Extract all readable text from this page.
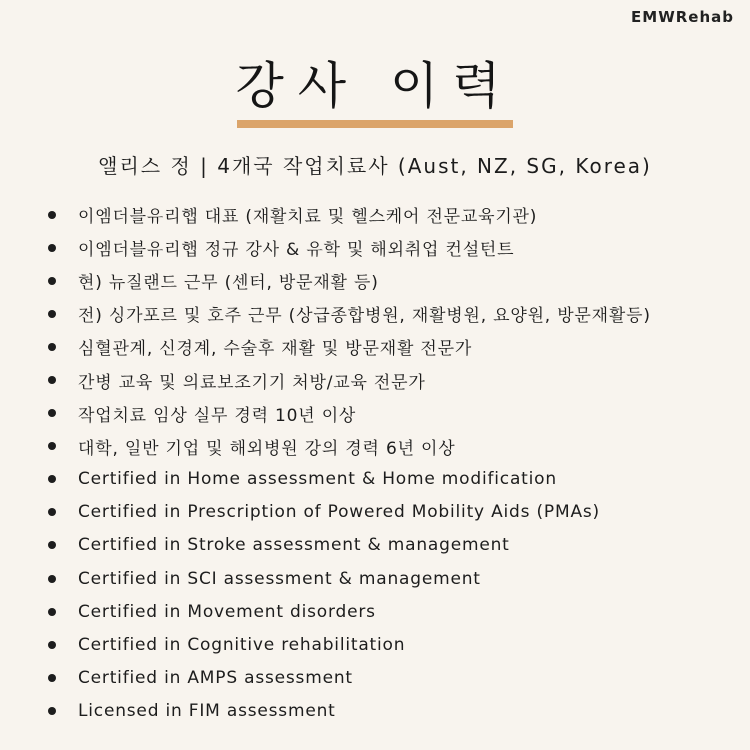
EMWRehab
강사 이력
앨리스 정 | 4개국 작업치료사 (Aust, NZ, SG, Korea)
이엠더블유리햅 대표 (재활치료 및 헬스케어 전문교육기관)
이엠더블유리햅 정규 강사 & 유학 및 해외취업 컨설턴트
현) 뉴질랜드 근무 (센터, 방문재활 등)
전) 싱가포르 및 호주 근무 (상급종합병원, 재활병원, 요양원, 방문재활등)
심혈관계, 신경계, 수술후 재활 및 방문재활 전문가
간병 교육 및 의료보조기기 처방/교육 전문가
작업치료 임상 실무 경력 10년 이상
대학, 일반 기업 및 해외병원 강의 경력 6년 이상
Certified in Home assessment & Home modification
Certified in Prescription of Powered Mobility Aids (PMAs)
Certified in Stroke assessment & management
Certified in SCI assessment & management
Certified in Movement disorders
Certified in Cognitive rehabilitation
Certified in AMPS assessment
Licensed in FIM assessment
